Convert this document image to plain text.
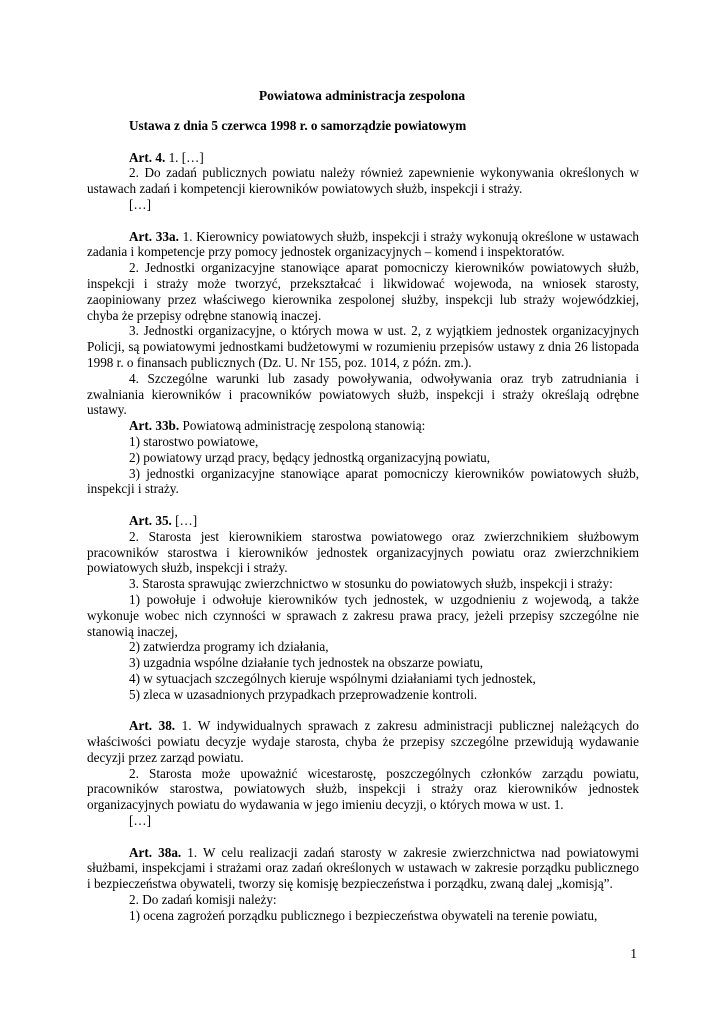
Powiatowa administracja zespolona

Ustawa z dnia 5 czerwca 1998 r. o samorządzie powiatowym

Art. 4. 1. […]

2. Do zadań publicznych powiatu należy również zapewnienie wykonywania określonych w ustawach zadań i kompetencji kierowników powiatowych służb, inspekcji i straży.

[…]

Art. 33a. 1. Kierownicy powiatowych służb, inspekcji i straży wykonują określone w ustawach zadania i kompetencje przy pomocy jednostek organizacyjnych – komend i inspektoratów.

2. Jednostki organizacyjne stanowiące aparat pomocniczy kierowników powiatowych służb, inspekcji i straży może tworzyć, przekształcać i likwidować wojewoda, na wniosek starosty, zaopiniowany przez właściwego kierownika zespolonej służby, inspekcji lub straży wojewódzkiej, chyba że przepisy odrębne stanowią inaczej.

3. Jednostki organizacyjne, o których mowa w ust. 2, z wyjątkiem jednostek organizacyjnych Policji, są powiatowymi jednostkami budżetowymi w rozumieniu przepisów ustawy z dnia 26 listopada 1998 r. o finansach publicznych (Dz. U. Nr 155, poz. 1014, z późn. zm.).

4. Szczególne warunki lub zasady powoływania, odwoływania oraz tryb zatrudniania i zwalniania kierowników i pracowników powiatowych służb, inspekcji i straży określają odrębne ustawy.

Art. 33b. Powiatową administrację zespoloną stanowią:

1) starostwo powiatowe,

2) powiatowy urząd pracy, będący jednostką organizacyjną powiatu,

3) jednostki organizacyjne stanowiące aparat pomocniczy kierowników powiatowych służb, inspekcji i straży.

Art. 35. […]

2. Starosta jest kierownikiem starostwa powiatowego oraz zwierzchnikiem służbowym pracowników starostwa i kierowników jednostek organizacyjnych powiatu oraz zwierzchnikiem powiatowych służb, inspekcji i straży.

3. Starosta sprawując zwierzchnictwo w stosunku do powiatowych służb, inspekcji i straży:

1) powołuje i odwołuje kierowników tych jednostek, w uzgodnieniu z wojewodą, a także wykonuje wobec nich czynności w sprawach z zakresu prawa pracy, jeżeli przepisy szczególne nie stanowią inaczej,

2) zatwierdza programy ich działania,

3) uzgadnia wspólne działanie tych jednostek na obszarze powiatu,

4) w sytuacjach szczególnych kieruje wspólnymi działaniami tych jednostek,

5) zleca w uzasadnionych przypadkach przeprowadzenie kontroli.

Art. 38. 1. W indywidualnych sprawach z zakresu administracji publicznej należących do właściwości powiatu decyzje wydaje starosta, chyba że przepisy szczególne przewidują wydawanie decyzji przez zarząd powiatu.

2. Starosta może upoważnić wicestarostę, poszczególnych członków zarządu powiatu, pracowników starostwa, powiatowych służb, inspekcji i straży oraz kierowników jednostek organizacyjnych powiatu do wydawania w jego imieniu decyzji, o których mowa w ust. 1.

[…]

Art. 38a. 1. W celu realizacji zadań starosty w zakresie zwierzchnictwa nad powiatowymi służbami, inspekcjami i strażami oraz zadań określonych w ustawach w zakresie porządku publicznego i bezpieczeństwa obywateli, tworzy się komisję bezpieczeństwa i porządku, zwaną dalej „komisją”.

2. Do zadań komisji należy:

1) ocena zagrożeń porządku publicznego i bezpieczeństwa obywateli na terenie powiatu,

1
